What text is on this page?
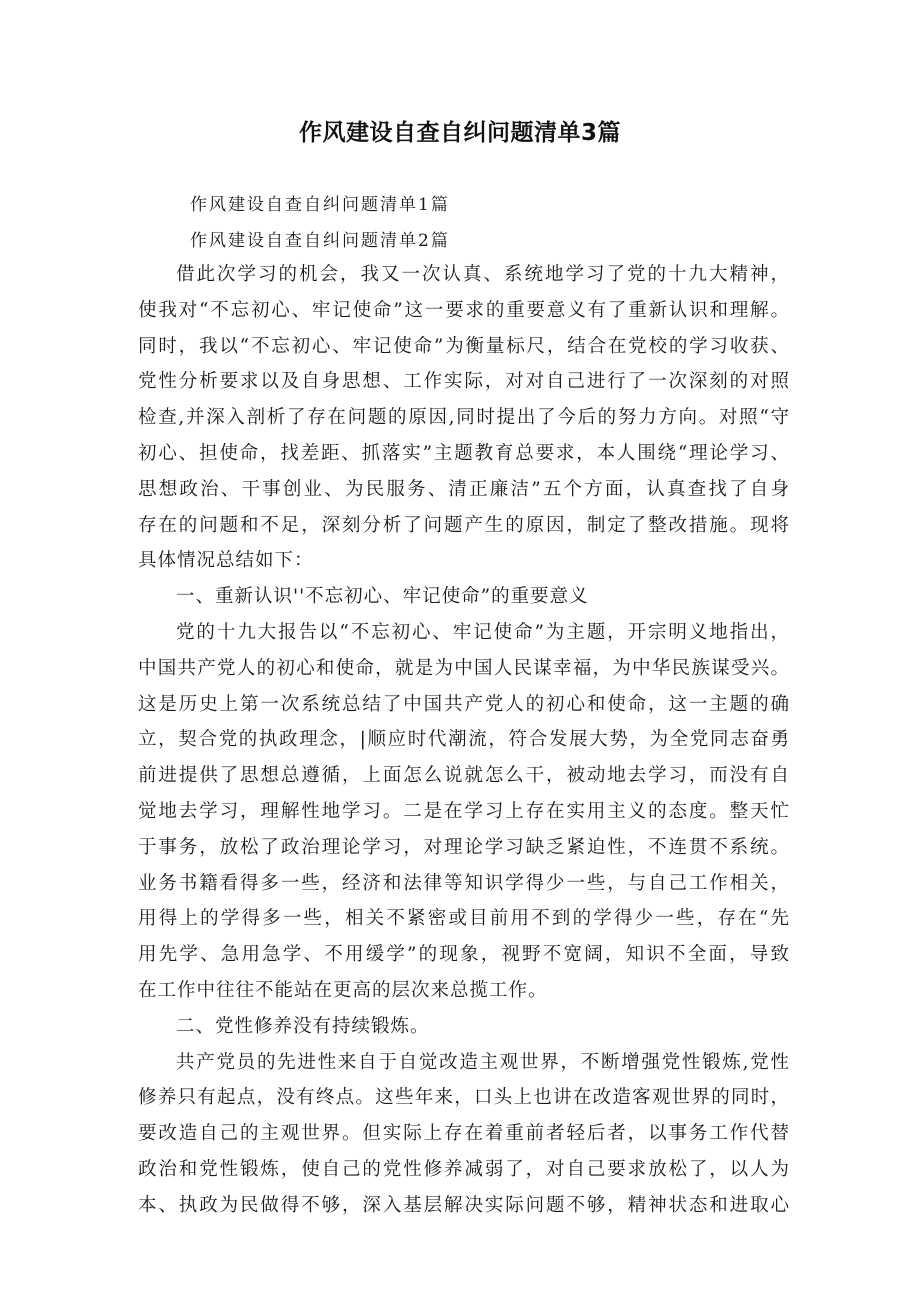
作风建设自查自纠问题清单3篇
作风建设自查自纠问题清单1篇
作风建设自查自纠问题清单2篇
借此次学习的机会，我又一次认真、系统地学习了党的十九大精神，
使我对“不忘初心、牢记使命”这一要求的重要意义有了重新认识和理解。
同时，我以“不忘初心、牢记使命”为衡量标尺，结合在党校的学习收获、
党性分析要求以及自身思想、工作实际，对对自己进行了一次深刻的对照
检查,并深入剖析了存在问题的原因,同时提出了今后的努力方向。对照“守
初心、担使命，找差距、抓落实”主题教育总要求，本人围绕“理论学习、
思想政治、干事创业、为民服务、清正廉洁”五个方面，认真查找了自身
存在的问题和不足，深刻分析了问题产生的原因，制定了整改措施。现将
具体情况总结如下：
一、重新认识''不忘初心、牢记使命”的重要意义
党的十九大报告以“不忘初心、牢记使命”为主题，开宗明义地指出，
中国共产党人的初心和使命，就是为中国人民谋幸福，为中华民族谋受兴。
这是历史上第一次系统总结了中国共产党人的初心和使命，这一主题的确
立，契合党的执政理念，|顺应时代潮流，符合发展大势，为全党同志奋勇
前进提供了思想总遵循，上面怎么说就怎么干，被动地去学习，而没有自
觉地去学习，理解性地学习。二是在学习上存在实用主义的态度。整天忙
于事务，放松了政治理论学习，对理论学习缺乏紧迫性，不连贯不系统。
业务书籍看得多一些，经济和法律等知识学得少一些，与自己工作相关，
用得上的学得多一些，相关不紧密或目前用不到的学得少一些，存在“先
用先学、急用急学、不用缓学”的现象，视野不宽阔，知识不全面，导致
在工作中往往不能站在更高的层次来总揽工作。
二、党性修养没有持续锻炼。
共产党员的先进性来自于自觉改造主观世界，不断增强党性锻炼,党性
修养只有起点，没有终点。这些年来，口头上也讲在改造客观世界的同时，
要改造自己的主观世界。但实际上存在着重前者轻后者，以事务工作代替
政治和党性锻炼，使自己的党性修养减弱了，对自己要求放松了，以人为
本、执政为民做得不够，深入基层解决实际问题不够，精神状态和进取心
